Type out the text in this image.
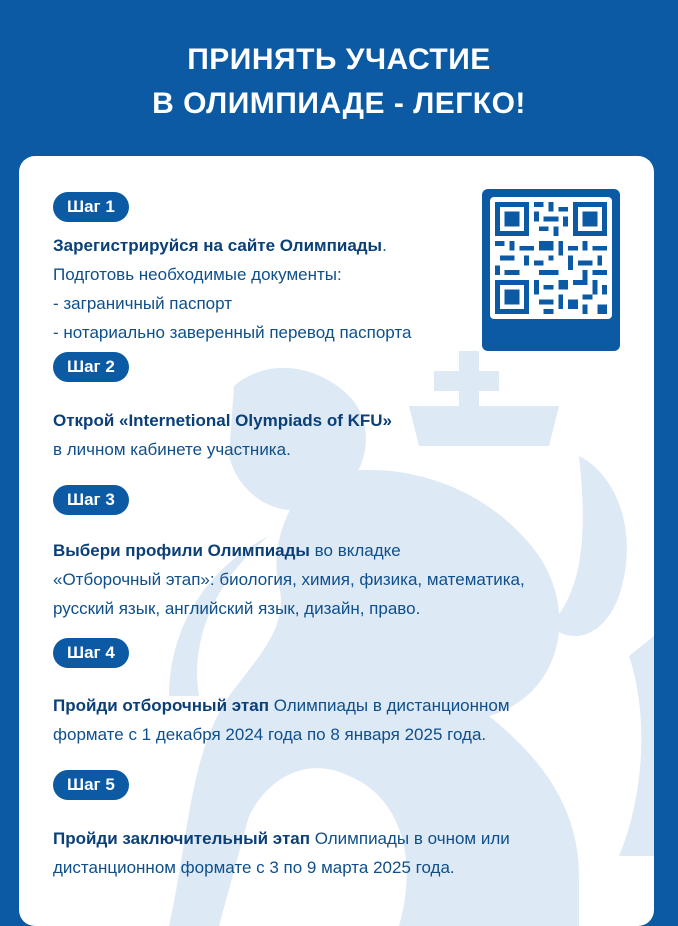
ПРИНЯТЬ УЧАСТИЕ
В ОЛИМПИАДЕ - ЛЕГКО!
Шаг 1
Зарегистрируйся на сайте Олимпиады.
Подготовь необходимые документы:
- заграничный паспорт
- нотариально заверенный перевод паспорта
Шаг 2
Открой «Internetional Olympiads of KFU»
в личном кабинете участника.
Шаг 3
Выбери профили Олимпиады во вкладке
«Отборочный этап»: биология, химия, физика, математика,
русский язык, английский язык, дизайн, право.
Шаг 4
Пройди отборочный этап Олимпиады в дистанционном
формате с 1 декабря 2024 года по 8 января 2025 года.
Шаг 5
Пройди заключительный этап Олимпиады в очном или
дистанционном формате с 3 по 9 марта 2025 года.
